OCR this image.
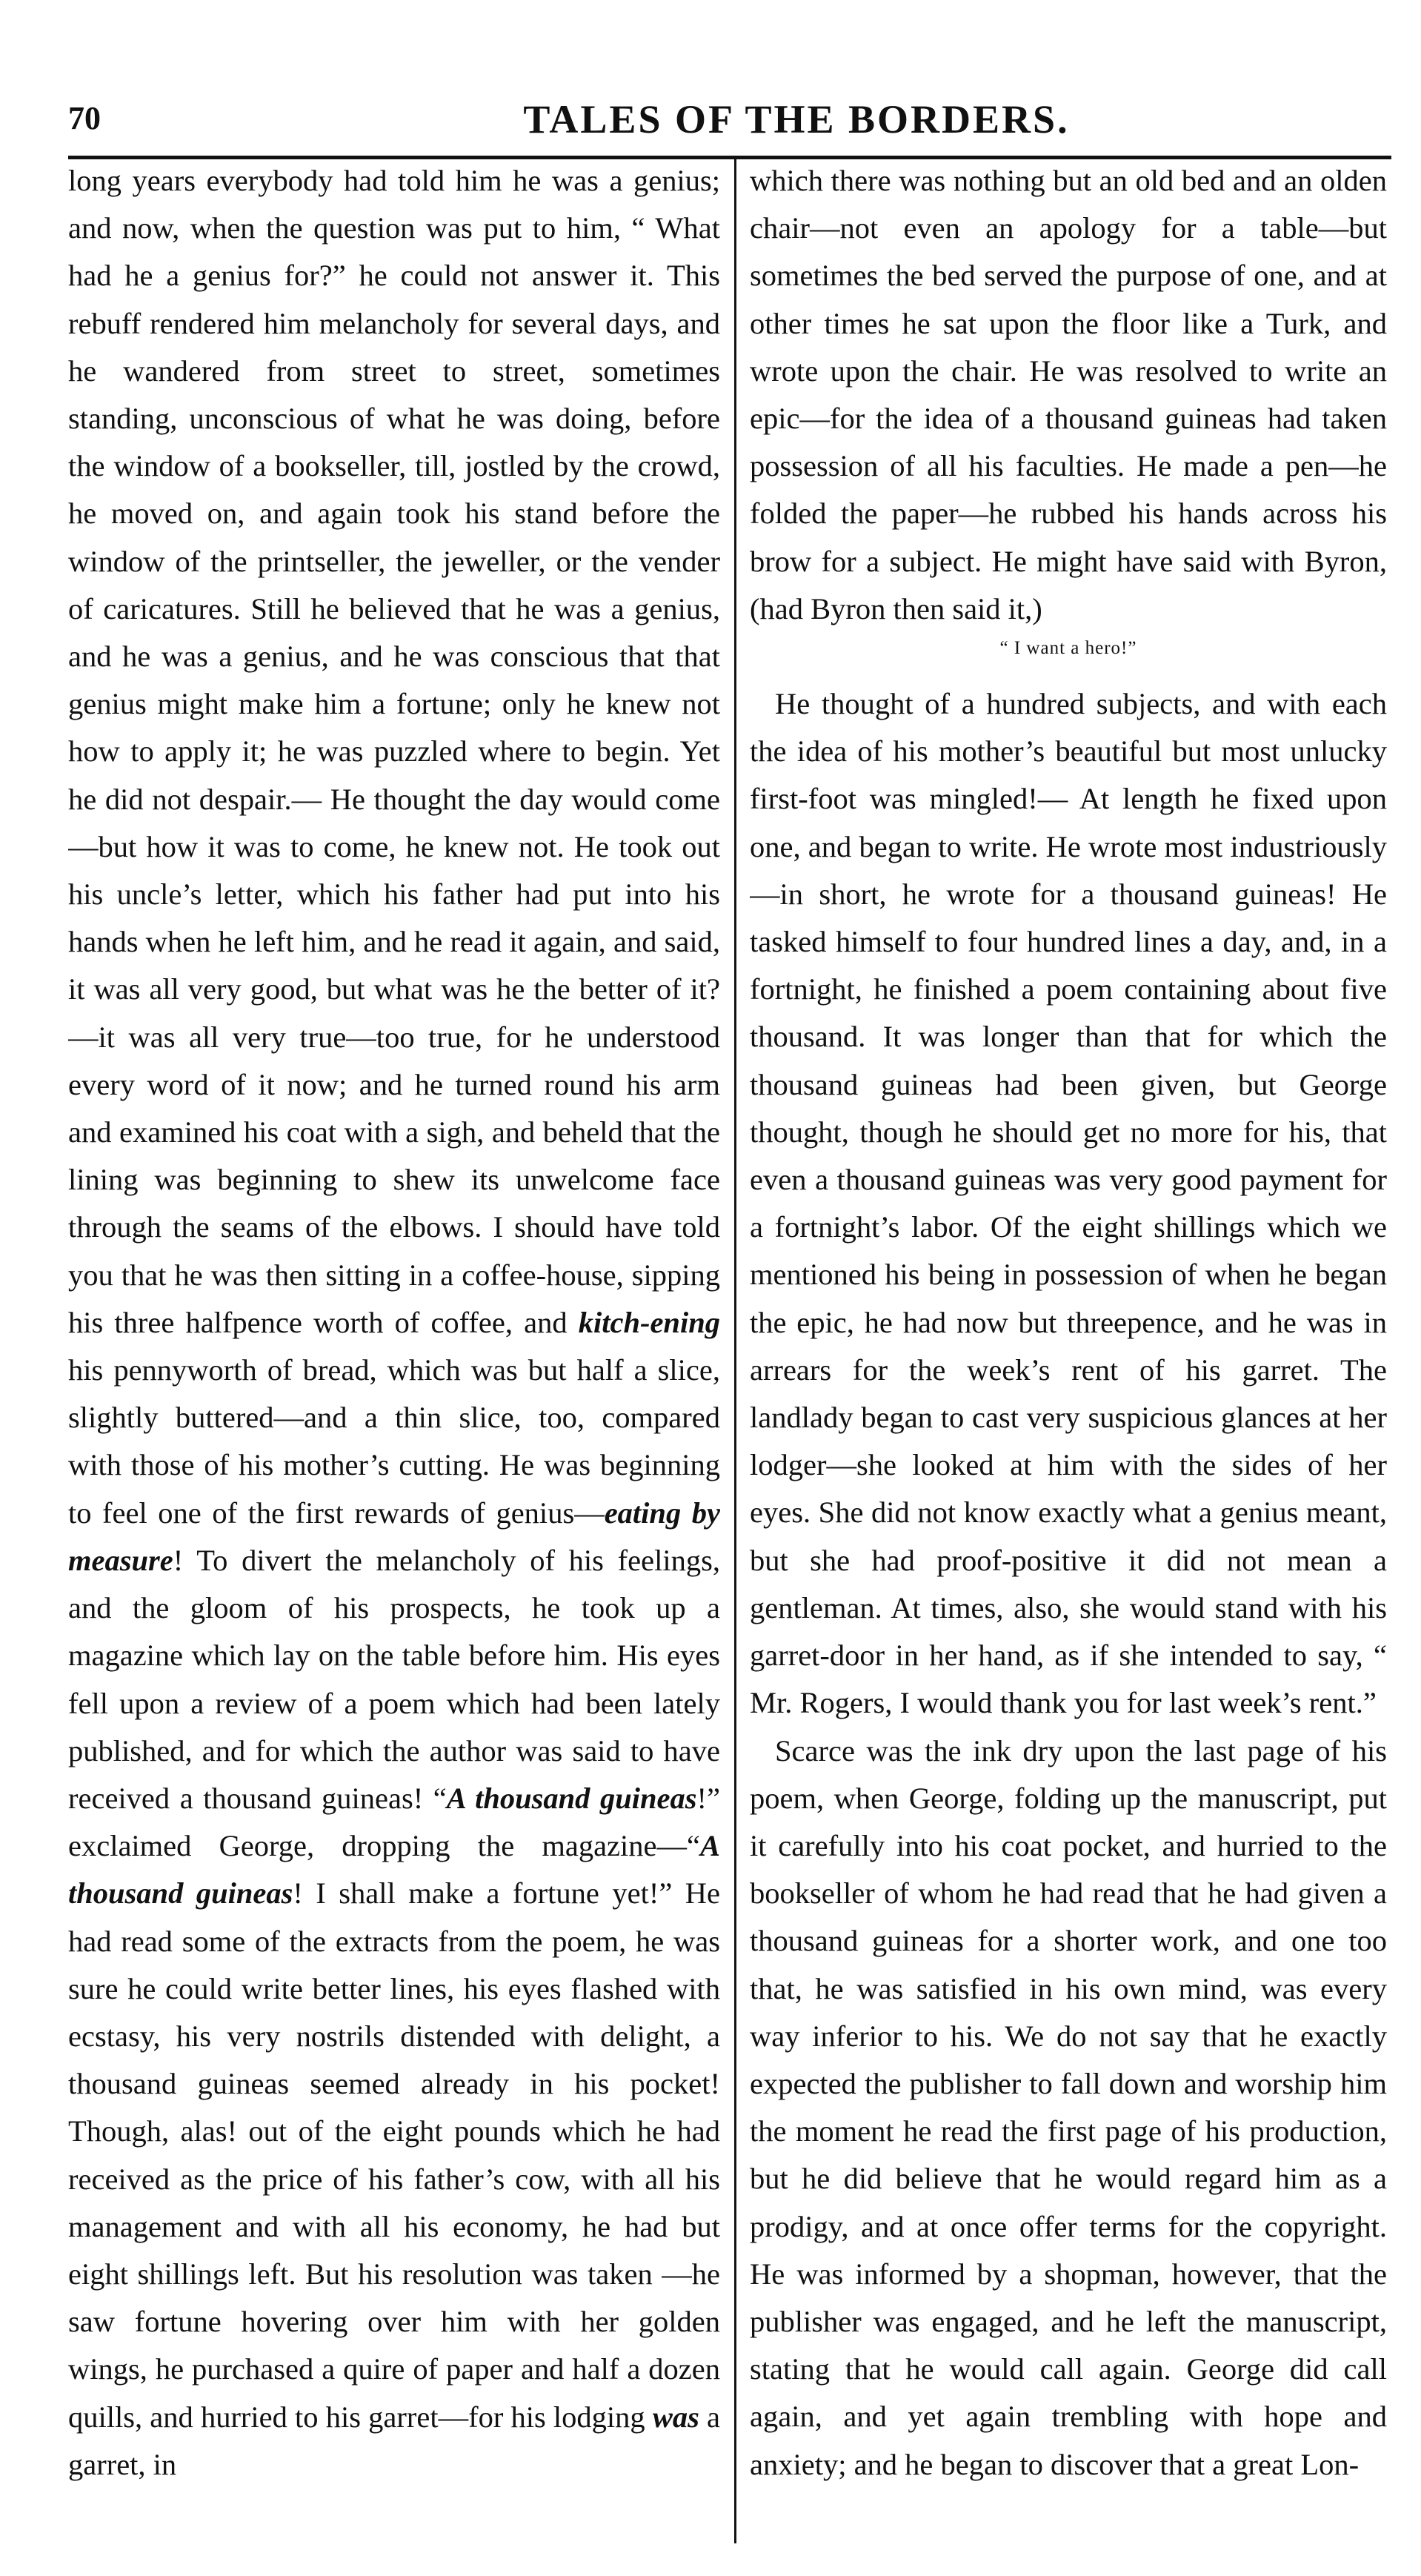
70	TALES OF THE BORDERS.

long years everybody had told him he was a genius; and now, when the question was put to him, “ What had he a genius for?” he could not answer it. This rebuff rendered him melancholy for several days, and he wandered from street to street, sometimes standing, unconscious of what he was doing, before the window of a bookseller, till, jostled by the crowd, he moved on, and again took his stand before the window of the printseller, the jeweller, or the vender of caricatures. Still he believed that he was a genius, and he was a genius, and he was conscious that that genius might make him a fortune; only he knew not how to apply it; he was puzzled where to begin. Yet he did not despair.— He thought the day would come—but how it was to come, he knew not. He took out his uncle’s letter, which his father had put into his hands when he left him, and he read it again, and said, it was all very good, but what was he the better of it?—it was all very true—too true, for he understood every word of it now; and he turned round his arm and examined his coat with a sigh, and beheld that the lining was beginning to shew its unwelcome face through the seams of the elbows. I should have told you that he was then sitting in a coffee-house, sipping his three halfpence worth of coffee, and kitch-ening his pennyworth of bread, which was but half a slice, slightly buttered—and a thin slice, too, compared with those of his mother’s cutting. He was beginning to feel one of the first rewards of genius—eating by measure! To divert the melancholy of his feelings, and the gloom of his prospects, he took up a magazine which lay on the table before him. His eyes fell upon a review of a poem which had been lately published, and for which the author was said to have received a thousand guineas! “A thousand guineas!” exclaimed George, dropping the magazine—“A thousand guineas! I shall make a fortune yet!” He had read some of the extracts from the poem, he was sure he could write better lines, his eyes flashed with ecstasy, his very nostrils distended with delight, a thousand guineas seemed already in his pocket! Though, alas! out of the eight pounds which he had received as the price of his father’s cow, with all his management and with all his economy, he had but eight shillings left. But his resolution was taken —he saw fortune hovering over him with her golden wings, he purchased a quire of paper and half a dozen quills, and hurried to his garret—for his lodging was a garret, in

which there was nothing but an old bed and an olden chair—not even an apology for a table—but sometimes the bed served the purpose of one, and at other times he sat upon the floor like a Turk, and wrote upon the chair. He was resolved to write an epic—for the idea of a thousand guineas had taken possession of all his faculties. He made a pen—he folded the paper—he rubbed his hands across his brow for a subject. He might have said with Byron, (had Byron then said it,)

“ I want a hero!”

He thought of a hundred subjects, and with each the idea of his mother’s beautiful but most unlucky first-foot was mingled!— At length he fixed upon one, and began to write. He wrote most industriously—in short, he wrote for a thousand guineas! He tasked himself to four hundred lines a day, and, in a fortnight, he finished a poem containing about five thousand. It was longer than that for which the thousand guineas had been given, but George thought, though he should get no more for his, that even a thousand guineas was very good payment for a fortnight’s labor. Of the eight shillings which we mentioned his being in possession of when he began the epic, he had now but threepence, and he was in arrears for the week’s rent of his garret. The landlady began to cast very suspicious glances at her lodger—she looked at him with the sides of her eyes. She did not know exactly what a genius meant, but she had proof-positive it did not mean a gentleman. At times, also, she would stand with his garret-door in her hand, as if she intended to say, “ Mr. Rogers, I would thank you for last week’s rent.”

Scarce was the ink dry upon the last page of his poem, when George, folding up the manuscript, put it carefully into his coat pocket, and hurried to the bookseller of whom he had read that he had given a thousand guineas for a shorter work, and one too that, he was satisfied in his own mind, was every way inferior to his. We do not say that he exactly expected the publisher to fall down and worship him the moment he read the first page of his production, but he did believe that he would regard him as a prodigy, and at once offer terms for the copyright. He was informed by a shopman, however, that the publisher was engaged, and he left the manuscript, stating that he would call again. George did call again, and yet again trembling with hope and anxiety; and he began to discover that a great Lon-
